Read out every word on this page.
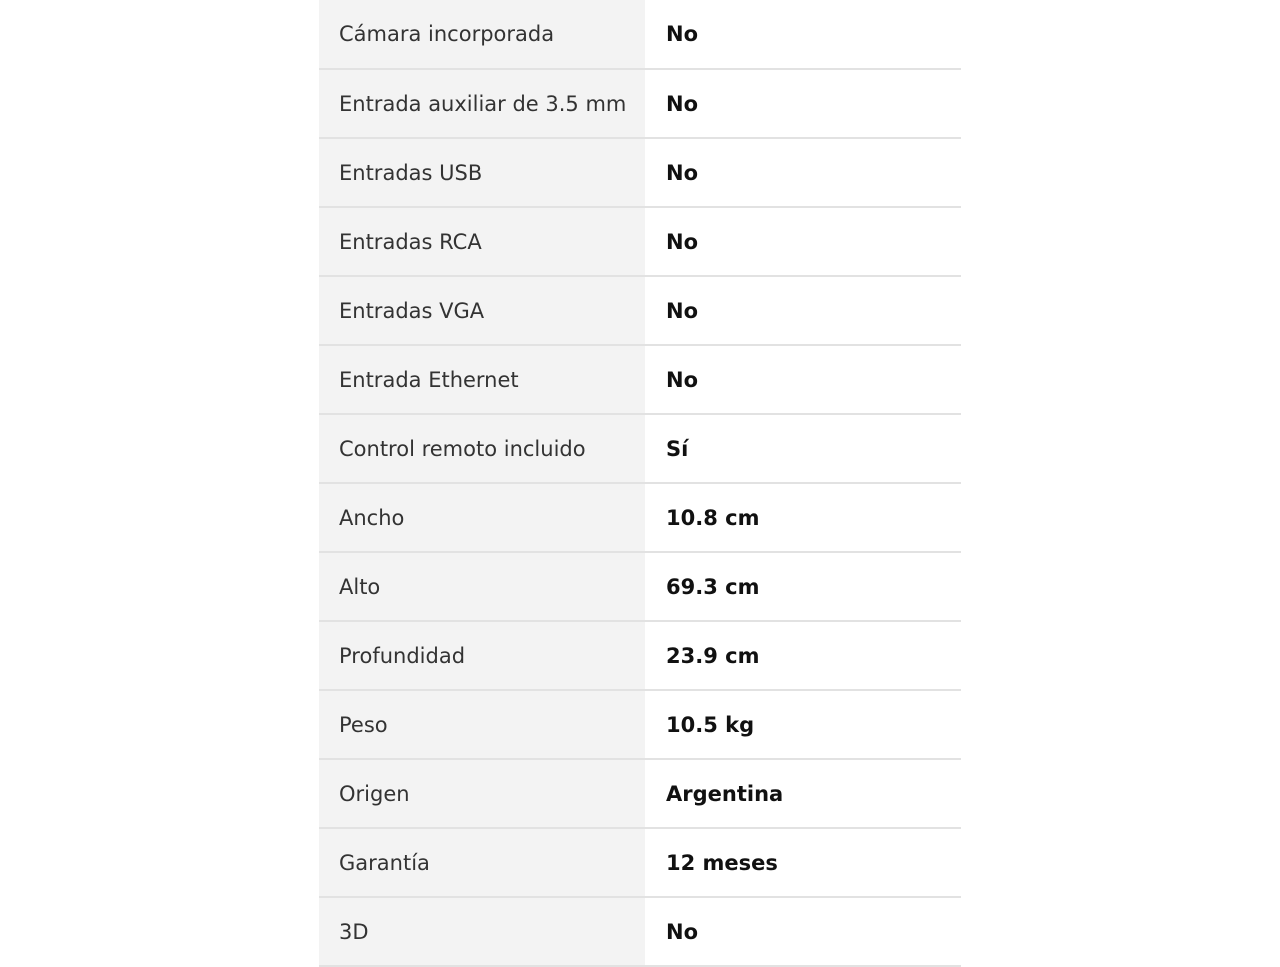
Cámara incorporada	No
Entrada auxiliar de 3.5 mm	No
Entradas USB	No
Entradas RCA	No
Entradas VGA	No
Entrada Ethernet	No
Control remoto incluido	Sí
Ancho	10.8 cm
Alto	69.3 cm
Profundidad	23.9 cm
Peso	10.5 kg
Origen	Argentina
Garantía	12 meses
3D	No
